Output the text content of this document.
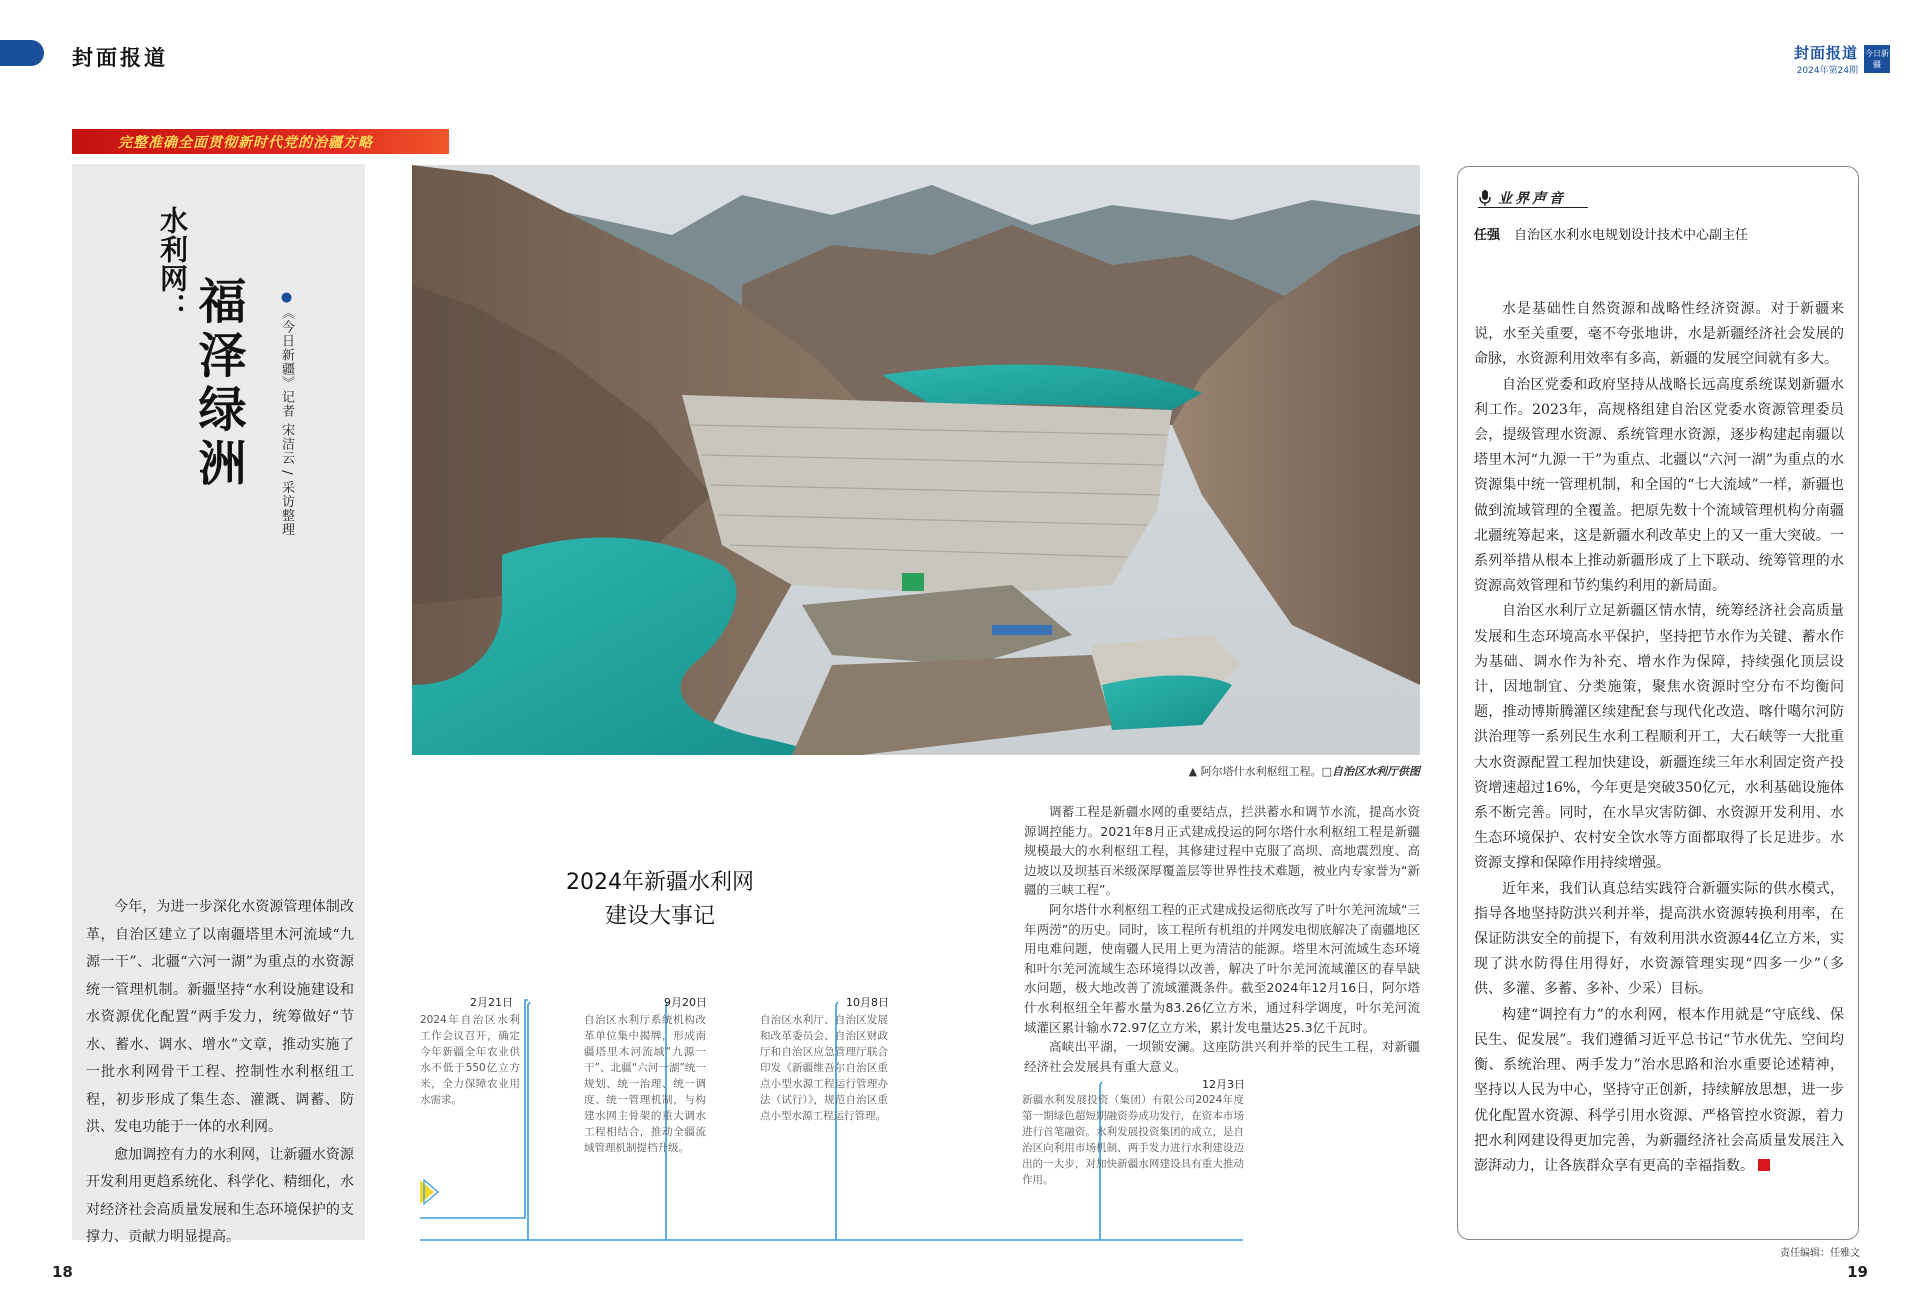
封面报道	封面报道
2024年第24期
今日新疆
完整准确全面贯彻新时代党的治疆方略
水利网：
福泽绿洲	●《今日新疆》记者 宋洁云 / 采访整理

今年，为进一步深化水资源管理体制改革，自治区建立了以南疆塔里木河流域“九源一干”、北疆“六河一湖”为重点的水资源统一管理机制。新疆坚持“水利设施建设和水资源优化配置”两手发力，统筹做好“节水、蓄水、调水、增水”文章，推动实施了一批水利网骨干工程、控制性水利枢纽工程，初步形成了集生态、灌溉、调蓄、防洪、发电功能于一体的水利网。

愈加调控有力的水利网，让新疆水资源开发利用更趋系统化、科学化、精细化，水对经济社会高质量发展和生态环境保护的支撑力、贡献力明显提高。

▲ 阿尔塔什水利枢纽工程。□自治区水利厅供图
2024年新疆水利网
建设大事记
2月21日
2024年自治区水利工作会议召开，确定今年新疆全年农业供水不低于550亿立方米，全力保障农业用水需求。
9月20日
自治区水利厅系统机构改革单位集中揭牌，形成南疆塔里木河流域“九源一干”、北疆“六河一湖”统一规划、统一治理、统一调度、统一管理机制，与构建水网主骨架的重大调水工程相结合，推动全疆流域管理机制提档升级。
10月8日
自治区水利厅、自治区发展和改革委员会、自治区财政厅和自治区应急管理厅联合印发《新疆维吾尔自治区重点小型水源工程运行管理办法（试行）》，规范自治区重点小型水源工程运行管理。
12月3日
新疆水利发展投资（集团）有限公司2024年度第一期绿色超短期融资券成功发行，在资本市场进行首笔融资。水利发展投资集团的成立，是自治区向利用市场机制、两手发力进行水利建设迈出的一大步，对加快新疆水网建设具有重大推动作用。

调蓄工程是新疆水网的重要结点，拦洪蓄水和调节水流，提高水资源调控能力。2021年8月正式建成投运的阿尔塔什水利枢纽工程是新疆规模最大的水利枢纽工程，其修建过程中克服了高坝、高地震烈度、高边坡以及坝基百米级深厚覆盖层等世界性技术难题，被业内专家誉为“新疆的三峡工程”。

阿尔塔什水利枢纽工程的正式建成投运彻底改写了叶尔羌河流域“三年两涝”的历史。同时，该工程所有机组的并网发电彻底解决了南疆地区用电难问题，使南疆人民用上更为清洁的能源。塔里木河流域生态环境和叶尔羌河流域生态环境得以改善，解决了叶尔羌河流域灌区的春旱缺水问题，极大地改善了流域灌溉条件。截至2024年12月16日，阿尔塔什水利枢纽全年蓄水量为83.26亿立方米，通过科学调度，叶尔羌河流域灌区累计输水72.97亿立方米，累计发电量达25.3亿千瓦时。

高峡出平湖，一坝锁安澜。这座防洪兴利并举的民生工程，对新疆经济社会发展具有重大意义。

业界声音
任强 自治区水利水电规划设计技术中心副主任

水是基础性自然资源和战略性经济资源。对于新疆来说，水至关重要，毫不夸张地讲，水是新疆经济社会发展的命脉，水资源利用效率有多高，新疆的发展空间就有多大。

自治区党委和政府坚持从战略长远高度系统谋划新疆水利工作。2023年，高规格组建自治区党委水资源管理委员会，提级管理水资源、系统管理水资源，逐步构建起南疆以塔里木河“九源一干”为重点、北疆以“六河一湖”为重点的水资源集中统一管理机制，和全国的“七大流域”一样，新疆也做到流域管理的全覆盖。把原先数十个流域管理机构分南疆北疆统筹起来，这是新疆水利改革史上的又一重大突破。一系列举措从根本上推动新疆形成了上下联动、统筹管理的水资源高效管理和节约集约利用的新局面。

自治区水利厅立足新疆区情水情，统筹经济社会高质量发展和生态环境高水平保护，坚持把节水作为关键、蓄水作为基础、调水作为补充、增水作为保障，持续强化顶层设计，因地制宜、分类施策，聚焦水资源时空分布不均衡问题，推动博斯腾灌区续建配套与现代化改造、喀什噶尔河防洪治理等一系列民生水利工程顺利开工，大石峡等一大批重大水资源配置工程加快建设，新疆连续三年水利固定资产投资增速超过16%，今年更是突破350亿元，水利基础设施体系不断完善。同时，在水旱灾害防御、水资源开发利用、水生态环境保护、农村安全饮水等方面都取得了长足进步。水资源支撑和保障作用持续增强。

近年来，我们认真总结实践符合新疆实际的供水模式，指导各地坚持防洪兴利并举，提高洪水资源转换利用率，在保证防洪安全的前提下，有效利用洪水资源44亿立方米，实现了洪水防得住用得好，水资源管理实现“四多一少”（多供、多灌、多蓄、多补、少采）目标。

构建“调控有力”的水利网，根本作用就是“守底线、保民生、促发展”。我们遵循习近平总书记“节水优先、空间均衡、系统治理、两手发力”治水思路和治水重要论述精神，坚持以人民为中心，坚持守正创新，持续解放思想，进一步优化配置水资源、科学引用水资源、严格管控水资源，着力把水利网建设得更加完善，为新疆经济社会高质量发展注入澎湃动力，让各族群众享有更高的幸福指数。

18
责任编辑：任雅文
19
